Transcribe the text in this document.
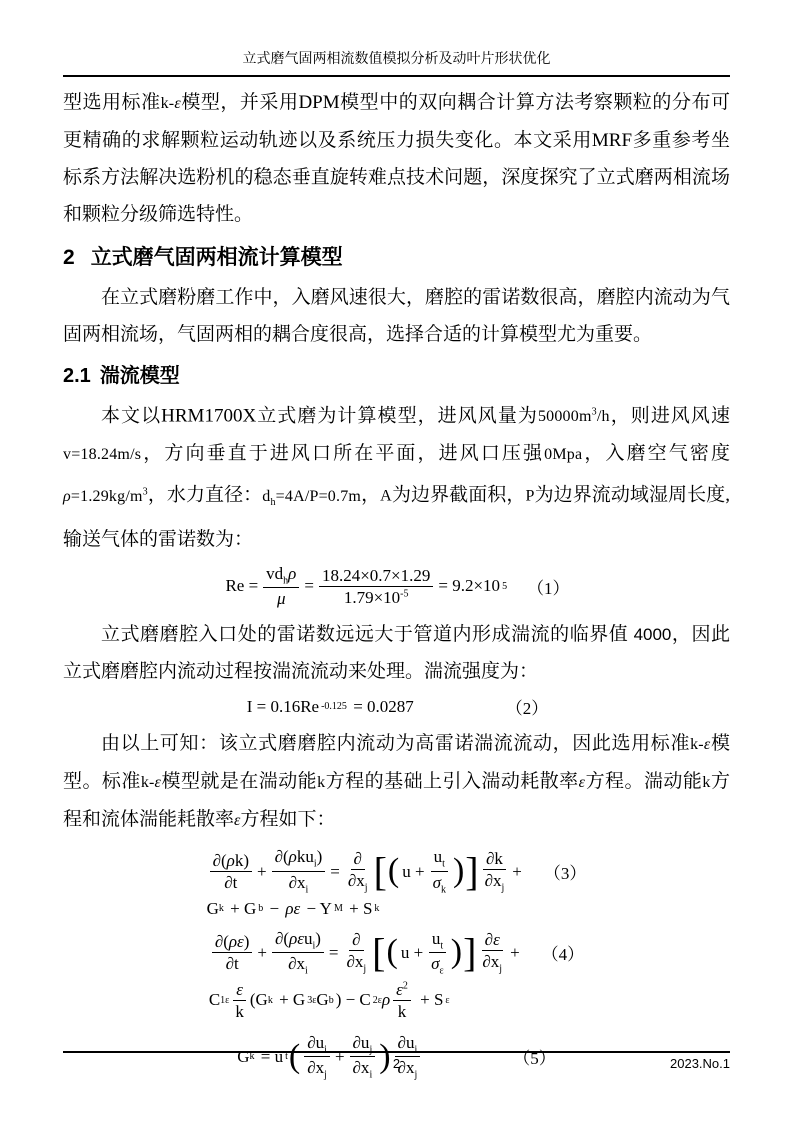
立式磨气固两相流数值模拟分析及动叶片形状优化

型选用标准k-ε模型，并采用DPM模型中的双向耦合计算方法考察颗粒的分布可更精确的求解颗粒运动轨迹以及系统压力损失变化。本文采用MRF多重参考坐标系方法解决选粉机的稳态垂直旋转难点技术问题，深度探究了立式磨两相流场和颗粒分级筛选特性。

2 立式磨气固两相流计算模型

在立式磨粉磨工作中，入磨风速很大，磨腔的雷诺数很高，磨腔内流动为气固两相流场，气固两相的耦合度很高，选择合适的计算模型尤为重要。

2.1 湍流模型

本文以HRM1700X立式磨为计算模型，进风风量为$50000m^3/h$，则进风风速v=18.24m/s，方向垂直于进风口所在平面，进风口压强0Mpa，入磨空气密度$\rho=1.29kg/m^3$，水力直径：$d_h=4A/P=0.7m$，A为边界截面积，P为边界流动域湿周长度,输送气体的雷诺数为：

Re =
$vd_h\rho$
μ
= $\frac{18.24\times 0.7\times 1.29}{1.79\times 10^{-5}} = 9.2\times 10$ 5 （1）

立式磨磨腔入口处的雷诺数远远大于管道内形成湍流的临界值 4000，因此立式磨磨腔内流动过程按湍流流动来处理。湍流强度为：

I = 0.16Re -0.125 = 0.0287	（2）

由以上可知：该立式磨磨腔内流动为高雷诺湍流流动，因此选用标准k-ε模型。标准k-ε模型就是在湍动能k方程的基础上引入湍动耗散率ε方程。湍动能k方程和流体湍能耗散率ε方程如下：

$\frac{\partial(\rho k)}{\partial t}$ +
∂(ρku$_i$)
$\partial x_i$
=
∂
$\partial x_j$ [ ( $u + \frac{u_t}{\sigma_k}$ ) ] $\frac{\partial k}{\partial x_j} + (3)$
G k + G b − ρε − Y M + S k
$\frac{\partial(\rho\varepsilon)}{\partial t}$ +
∂(ρεu$_i$)
$\partial x_i$
=
∂
$\partial x_j$ [ ( $u + \frac{u_t}{\sigma_\varepsilon}$ ) ] $\frac{\partial\varepsilon}{\partial x_j} + (4)$
C $1\varepsilon \frac{\varepsilon}{k} (G$ k + G 3ε G b ) − C 2ε ρ $\frac{\varepsilon^2}{k} + S$ ε
G k = u t ( $\frac{\partial u_i}{\partial x_j} + \frac{\partial u_j}{\partial x_i}$ ) $\frac{\partial u_i}{\partial x_j}$	（5）
2	2023.No.1
